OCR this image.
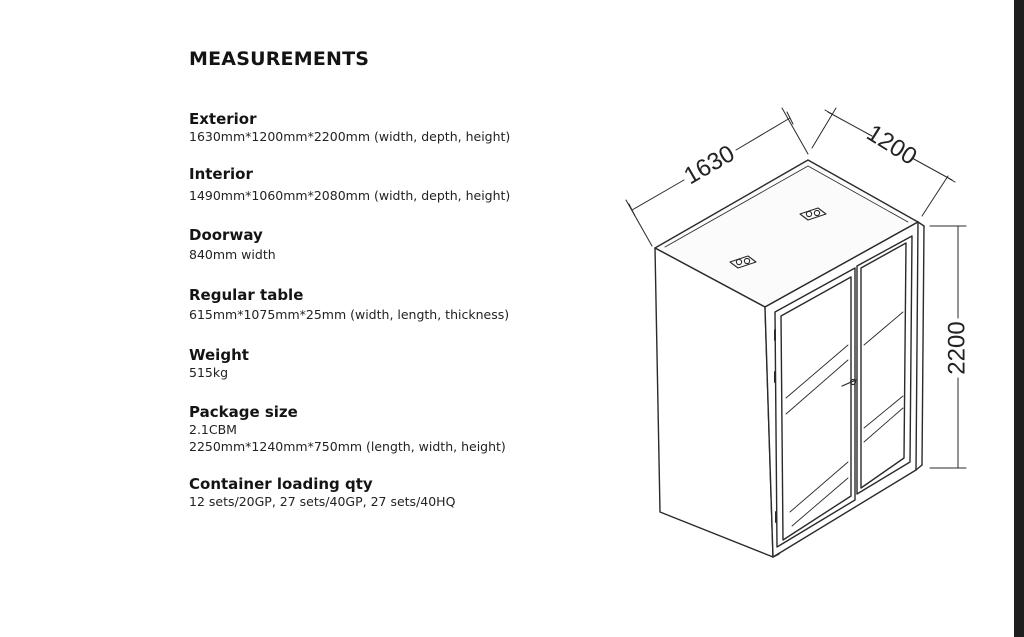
MEASUREMENTS
Exterior
1630mm*1200mm*2200mm (width, depth, height)
Interior
1490mm*1060mm*2080mm (width, depth, height)
Doorway
840mm width
Regular table
615mm*1075mm*25mm (width, length, thickness)
Weight
515kg
Package size
2.1CBM
2250mm*1240mm*750mm (length, width, height)
Container loading qty
12 sets/20GP, 27 sets/40GP, 27 sets/40HQ
1630	1200
2200
